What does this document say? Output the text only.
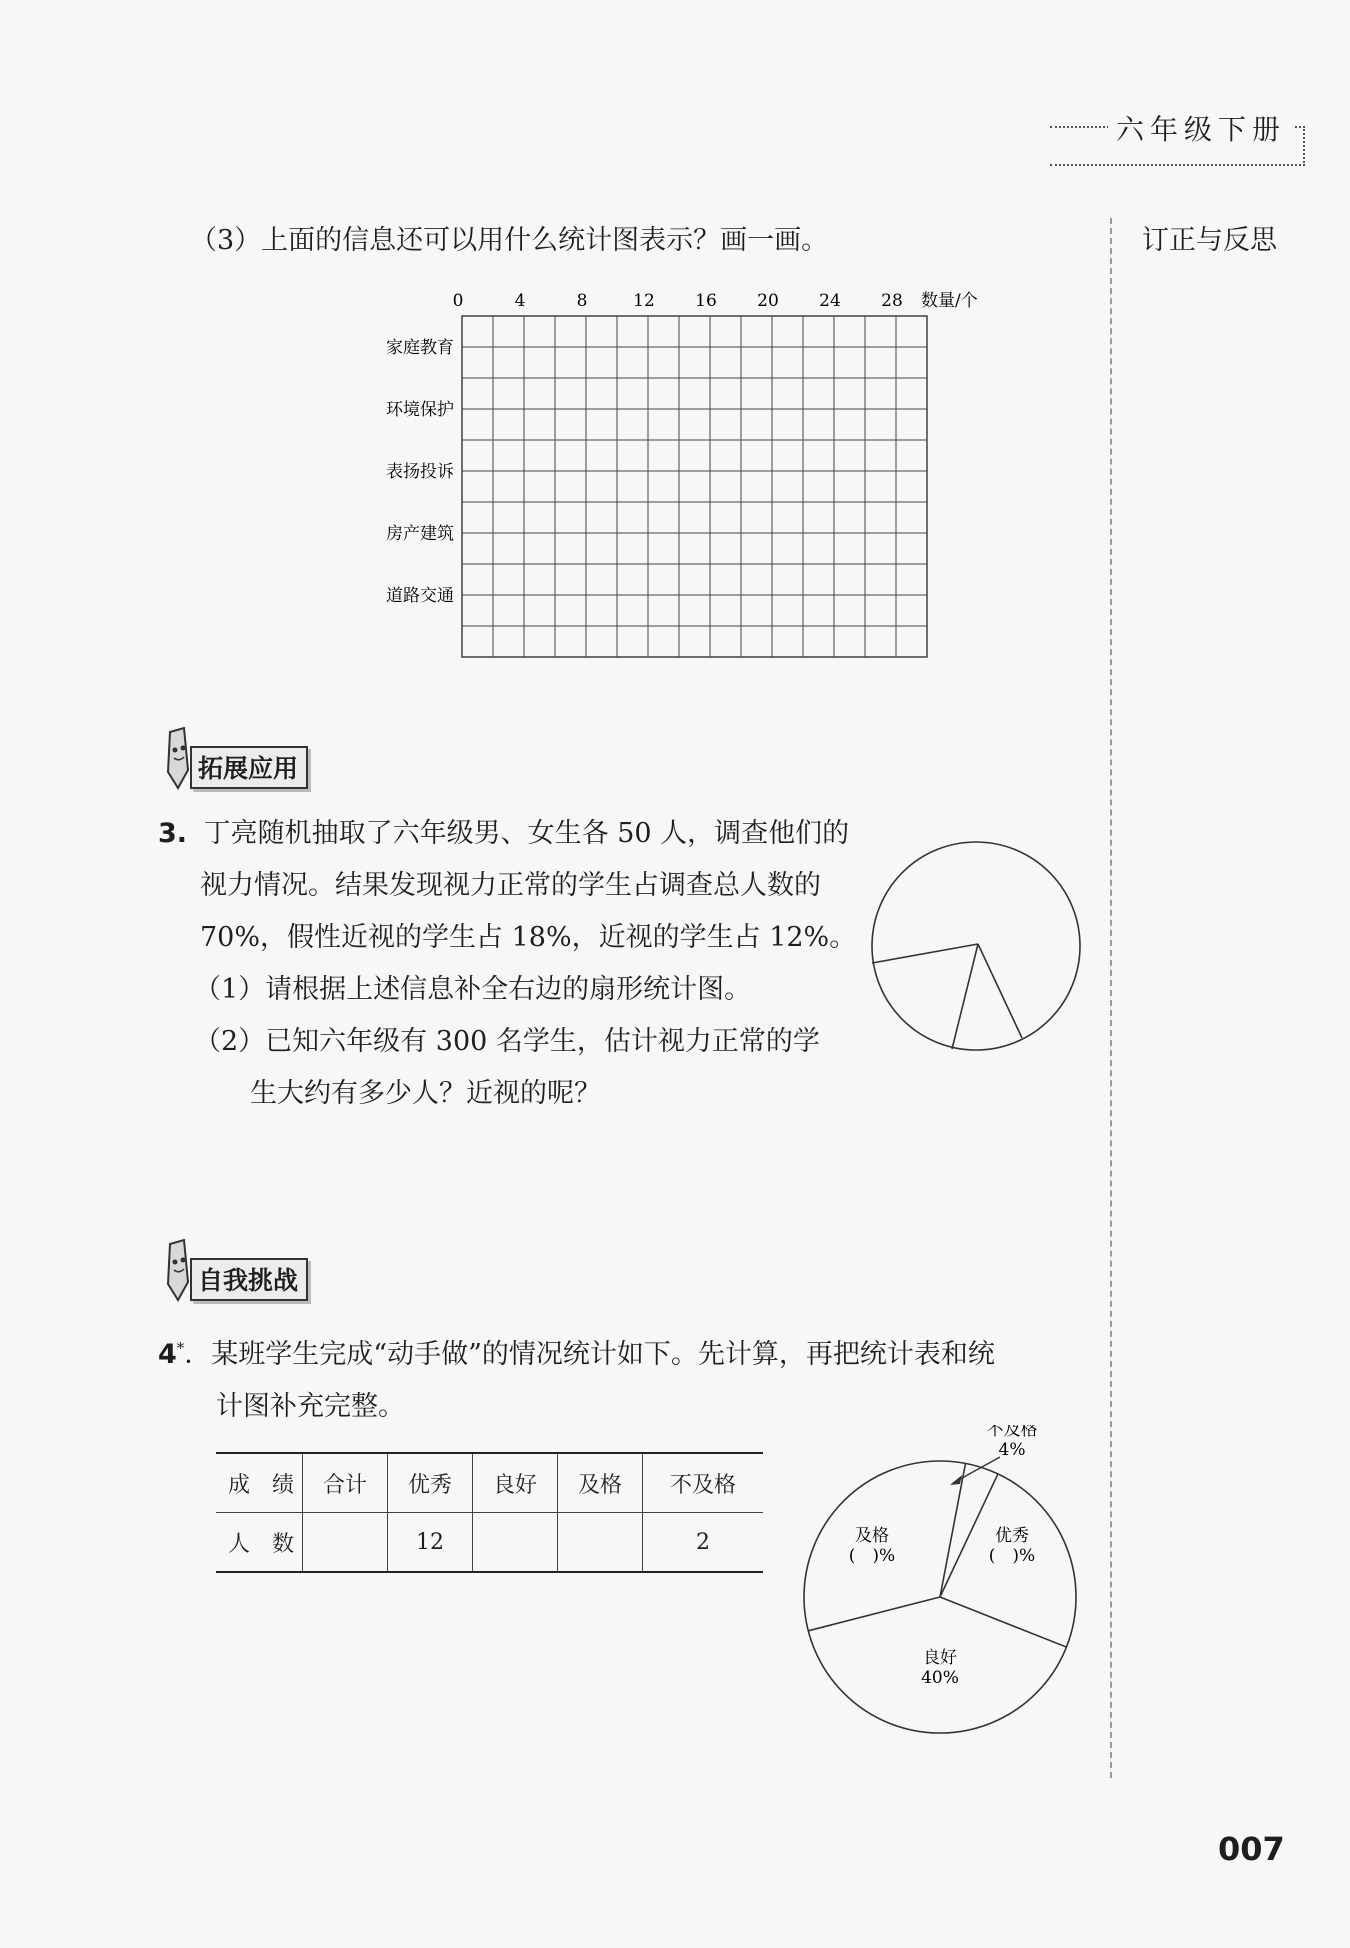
六年级下册
订正与反思
（3）上面的信息还可以用什么统计图表示？画一画。
0	4	8	12 16 20 24 28 数量/个
家庭教育
环境保护
表扬投诉
房产建筑
道路交通
拓展应用
3. 丁亮随机抽取了六年级男、女生各 50 人，调查他们的
视力情况。结果发现视力正常的学生占调查总人数的
70%，假性近视的学生占 18%，近视的学生占 12%。
（1）请根据上述信息补全右边的扇形统计图。
（2）已知六年级有 300 名学生，估计视力正常的学
生大约有多少人？近视的呢？
自我挑战
4*．某班学生完成“动手做”的情况统计如下。先计算，再把统计表和统
计图补充完整。
成　绩	合计	优秀	良好	及格	不及格
人　数		12			2
不及格
4%
优秀
(　)%
良好
40%
及格
(　)%
007
